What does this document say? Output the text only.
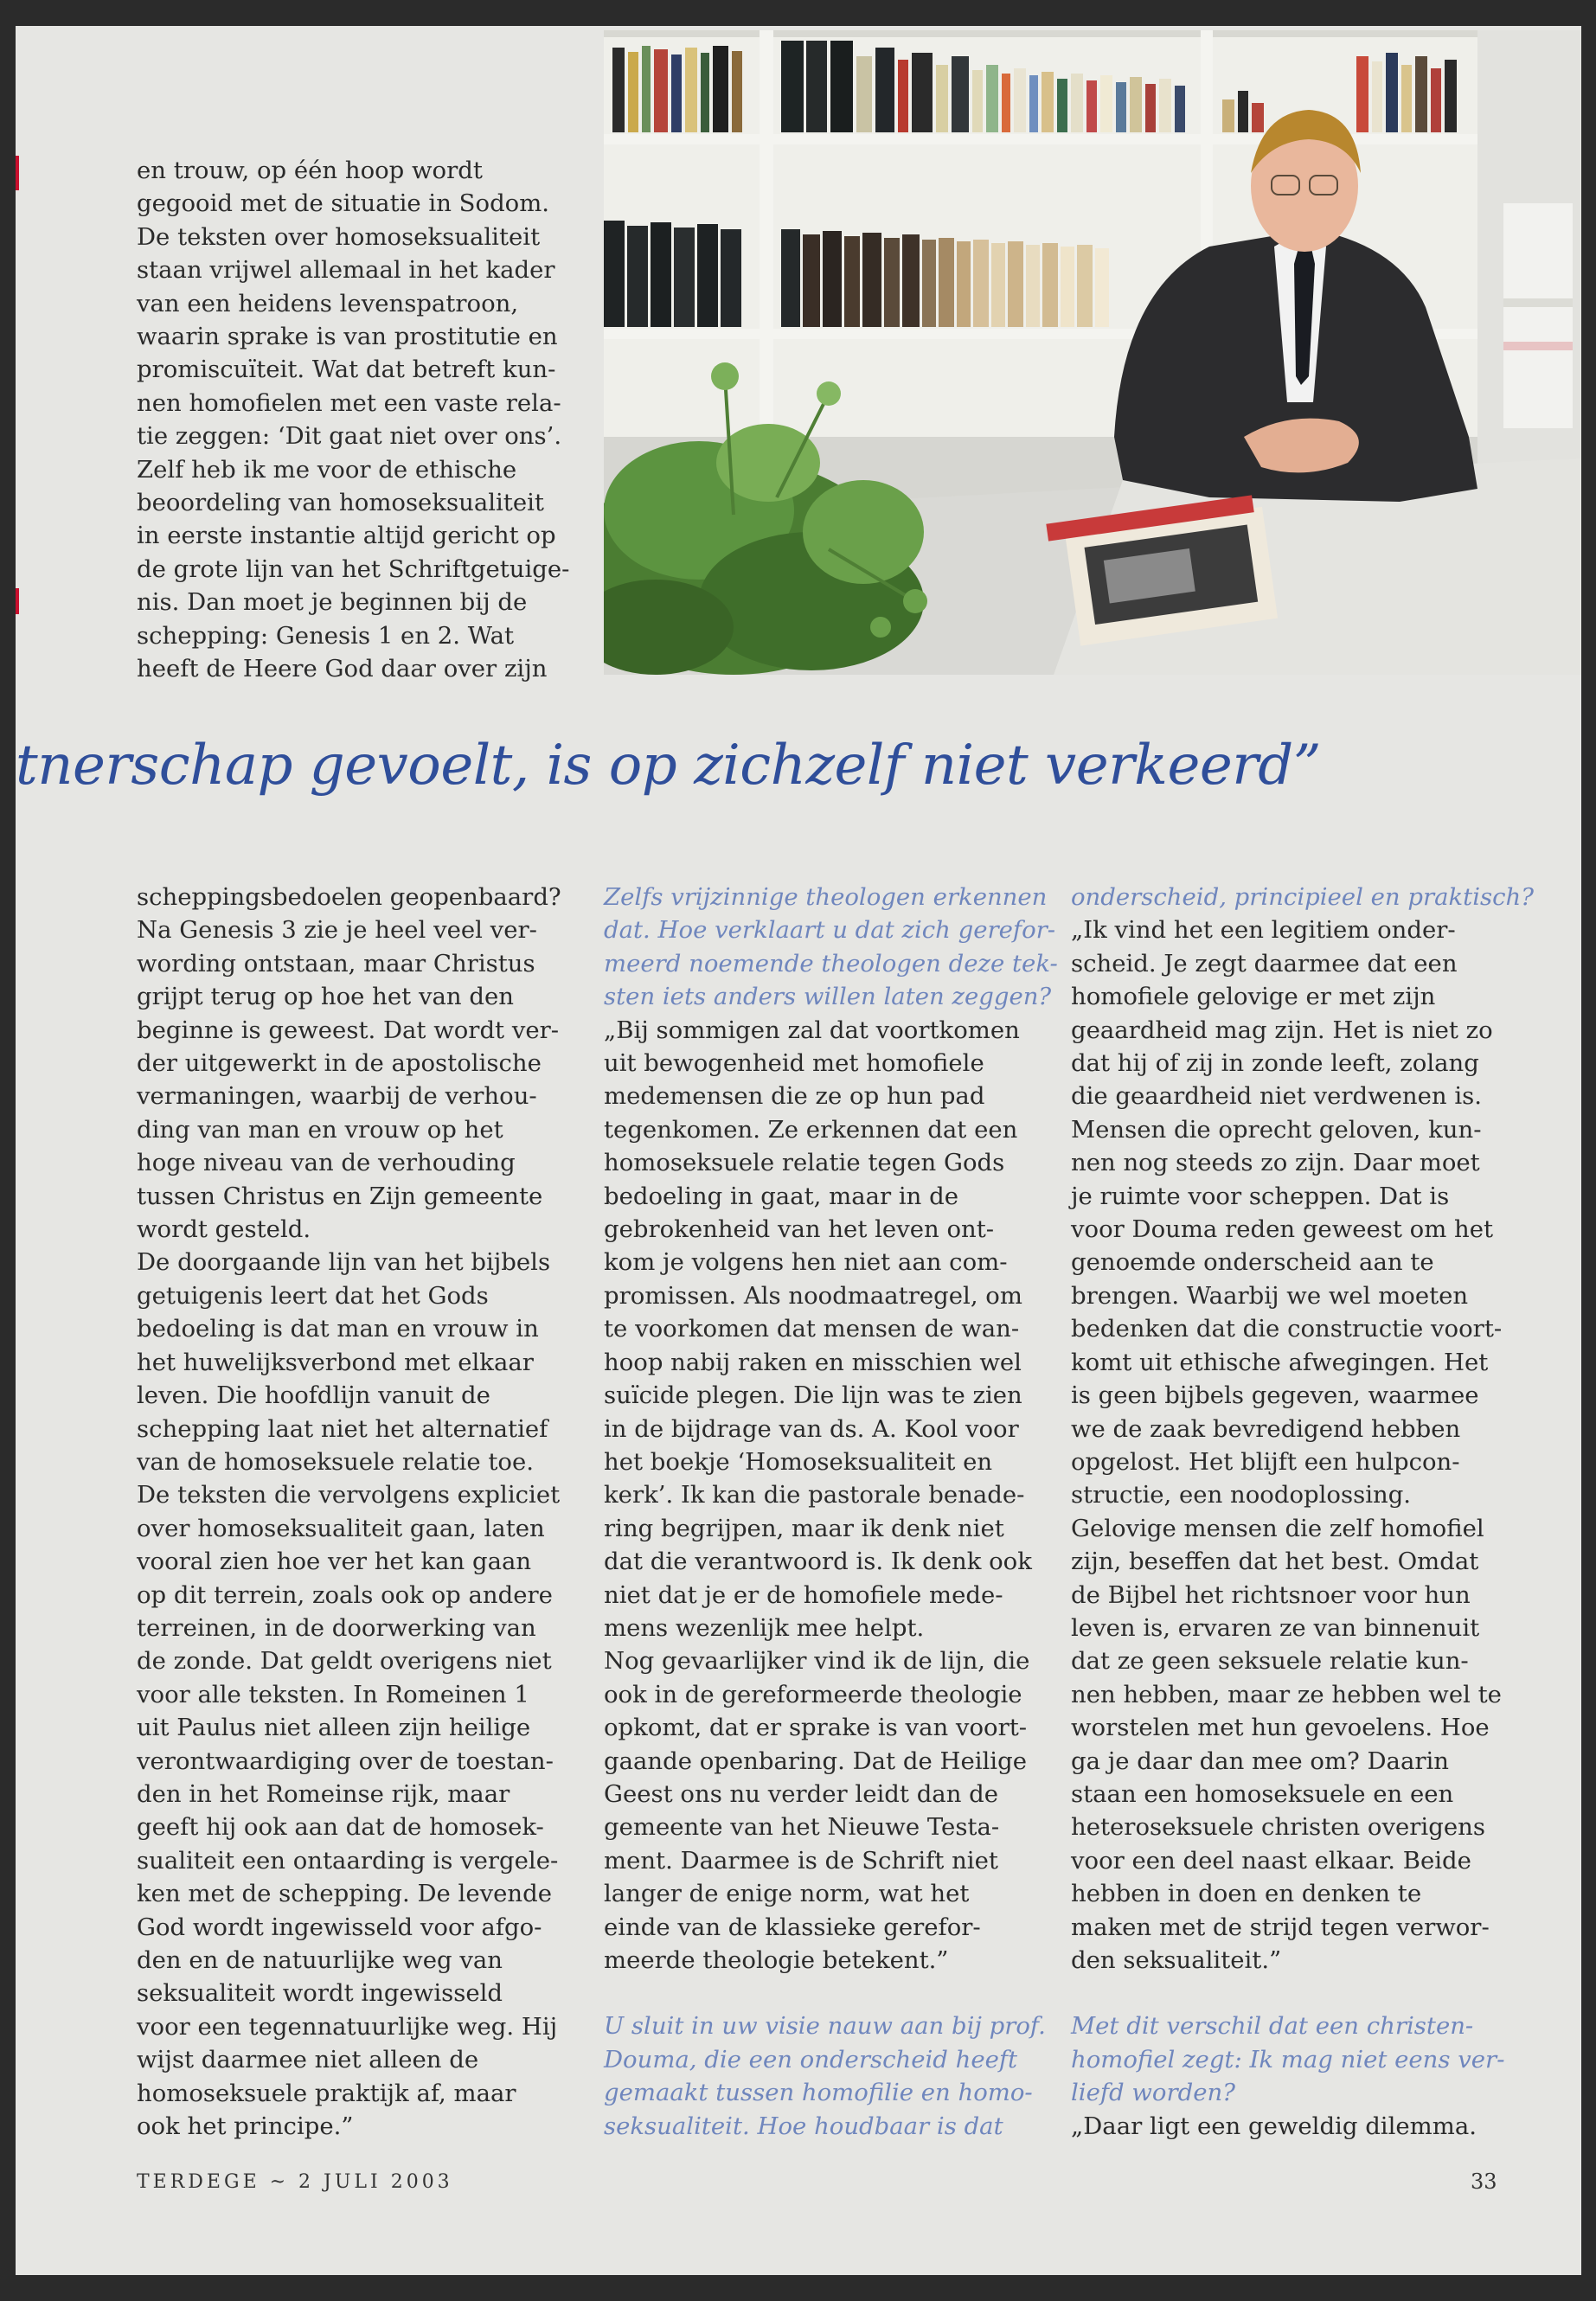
en trouw, op één hoop wordt
gegooid met de situatie in Sodom.
De teksten over homoseksualiteit
staan vrijwel allemaal in het kader
van een heidens levenspatroon,
waarin sprake is van prostitutie en
promiscuïteit. Wat dat betreft kun-
nen homofielen met een vaste rela-
tie zeggen: ‘Dit gaat niet over ons’.
Zelf heb ik me voor de ethische
beoordeling van homoseksualiteit
in eerste instantie altijd gericht op
de grote lijn van het Schriftgetuige-
nis. Dan moet je beginnen bij de
schepping: Genesis 1 en 2. Wat
heeft de Heere God daar over zijn

tnerschap gevoelt, is op zichzelf niet verkeerd”

scheppingsbedoelen geopenbaard?
Na Genesis 3 zie je heel veel ver-
wording ontstaan, maar Christus
grijpt terug op hoe het van den
beginne is geweest. Dat wordt ver-
der uitgewerkt in de apostolische
vermaningen, waarbij de verhou-
ding van man en vrouw op het
hoge niveau van de verhouding
tussen Christus en Zijn gemeente
wordt gesteld.
De doorgaande lijn van het bijbels
getuigenis leert dat het Gods
bedoeling is dat man en vrouw in
het huwelijksverbond met elkaar
leven. Die hoofdlijn vanuit de
schepping laat niet het alternatief
van de homoseksuele relatie toe.
De teksten die vervolgens expliciet
over homoseksualiteit gaan, laten
vooral zien hoe ver het kan gaan
op dit terrein, zoals ook op andere
terreinen, in de doorwerking van
de zonde. Dat geldt overigens niet
voor alle teksten. In Romeinen 1
uit Paulus niet alleen zijn heilige
verontwaardiging over de toestan-
den in het Romeinse rijk, maar
geeft hij ook aan dat de homosek-
sualiteit een ontaarding is vergele-
ken met de schepping. De levende
God wordt ingewisseld voor afgo-
den en de natuurlijke weg van
seksualiteit wordt ingewisseld
voor een tegennatuurlijke weg. Hij
wijst daarmee niet alleen de
homoseksuele praktijk af, maar
ook het principe.”

Zelfs vrijzinnige theologen erkennen
dat. Hoe verklaart u dat zich gerefor-
meerd noemende theologen deze tek-
sten iets anders willen laten zeggen?

„Bij sommigen zal dat voortkomen
uit bewogenheid met homofiele
medemensen die ze op hun pad
tegenkomen. Ze erkennen dat een
homoseksuele relatie tegen Gods
bedoeling in gaat, maar in de
gebrokenheid van het leven ont-
kom je volgens hen niet aan com-
promissen. Als noodmaatregel, om
te voorkomen dat mensen de wan-
hoop nabij raken en misschien wel
suïcide plegen. Die lijn was te zien
in de bijdrage van ds. A. Kool voor
het boekje ‘Homoseksualiteit en
kerk’. Ik kan die pastorale benade-
ring begrijpen, maar ik denk niet
dat die verantwoord is. Ik denk ook
niet dat je er de homofiele mede-
mens wezenlijk mee helpt.
Nog gevaarlijker vind ik de lijn, die
ook in de gereformeerde theologie
opkomt, dat er sprake is van voort-
gaande openbaring. Dat de Heilige
Geest ons nu verder leidt dan de
gemeente van het Nieuwe Testa-
ment. Daarmee is de Schrift niet
langer de enige norm, wat het
einde van de klassieke gerefor-
meerde theologie betekent.”

U sluit in uw visie nauw aan bij prof.
Douma, die een onderscheid heeft
gemaakt tussen homofilie en homo-
seksualiteit. Hoe houdbaar is dat

onderscheid, principieel en praktisch?

„Ik vind het een legitiem onder-
scheid. Je zegt daarmee dat een
homofiele gelovige er met zijn
geaardheid mag zijn. Het is niet zo
dat hij of zij in zonde leeft, zolang
die geaardheid niet verdwenen is.
Mensen die oprecht geloven, kun-
nen nog steeds zo zijn. Daar moet
je ruimte voor scheppen. Dat is
voor Douma reden geweest om het
genoemde onderscheid aan te
brengen. Waarbij we wel moeten
bedenken dat die constructie voort-
komt uit ethische afwegingen. Het
is geen bijbels gegeven, waarmee
we de zaak bevredigend hebben
opgelost. Het blijft een hulpcon-
structie, een noodoplossing.
Gelovige mensen die zelf homofiel
zijn, beseffen dat het best. Omdat
de Bijbel het richtsnoer voor hun
leven is, ervaren ze van binnenuit
dat ze geen seksuele relatie kun-
nen hebben, maar ze hebben wel te
worstelen met hun gevoelens. Hoe
ga je daar dan mee om? Daarin
staan een homoseksuele en een
heteroseksuele christen overigens
voor een deel naast elkaar. Beide
hebben in doen en denken te
maken met de strijd tegen verwor-
den seksualiteit.”

Met dit verschil dat een christen-
homofiel zegt: Ik mag niet eens ver-
liefd worden?

„Daar ligt een geweldig dilemma.

TERDEGE ~ 2 JULI 2003	33
